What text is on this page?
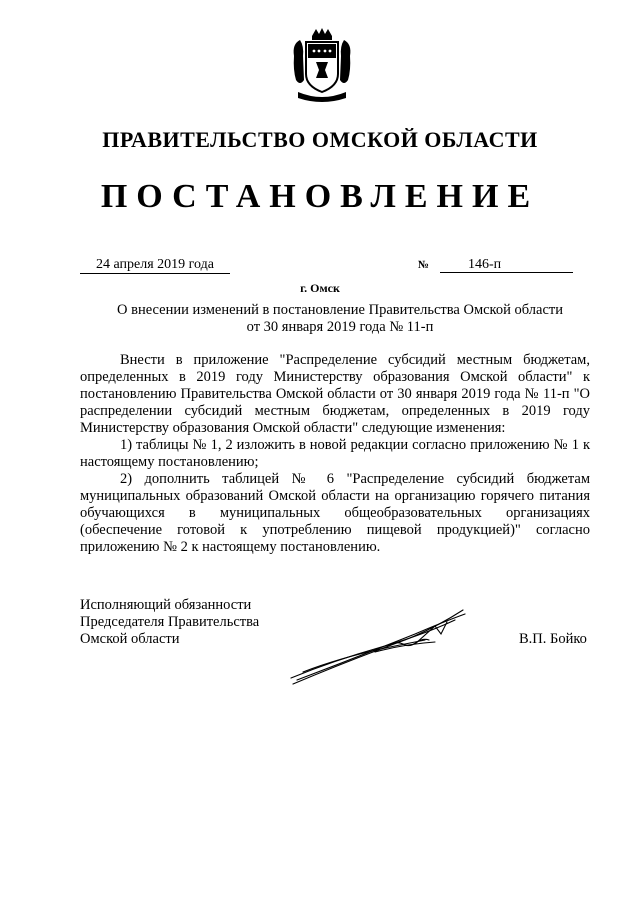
ПРАВИТЕЛЬСТВО ОМСКОЙ ОБЛАСТИ
ПОСТАНОВЛЕНИЕ
24 апреля 2019 года	№	146-п
г. Омск
О внесении изменений в постановление Правительства Омской области
от 30 января 2019 года № 11-п

Внести в приложение "Распределение субсидий местным бюджетам, определенных в 2019 году Министерству образования Омской области" к постановлению Правительства Омской области от 30 января 2019 года № 11-п "О распределении субсидий местным бюджетам, определенных в 2019 году Министерству образования Омской области" следующие изменения:

1) таблицы № 1, 2 изложить в новой редакции согласно приложению № 1 к настоящему постановлению;

2) дополнить таблицей № 6 "Распределение субсидий бюджетам муниципальных образований Омской области на организацию горячего питания обучающихся в муниципальных общеобразовательных организациях (обеспечение готовой к употреблению пищевой продукцией)" согласно приложению № 2 к настоящему постановлению.

Исполняющий обязанности
Председателя Правительства
Омской области	В.П. Бойко
